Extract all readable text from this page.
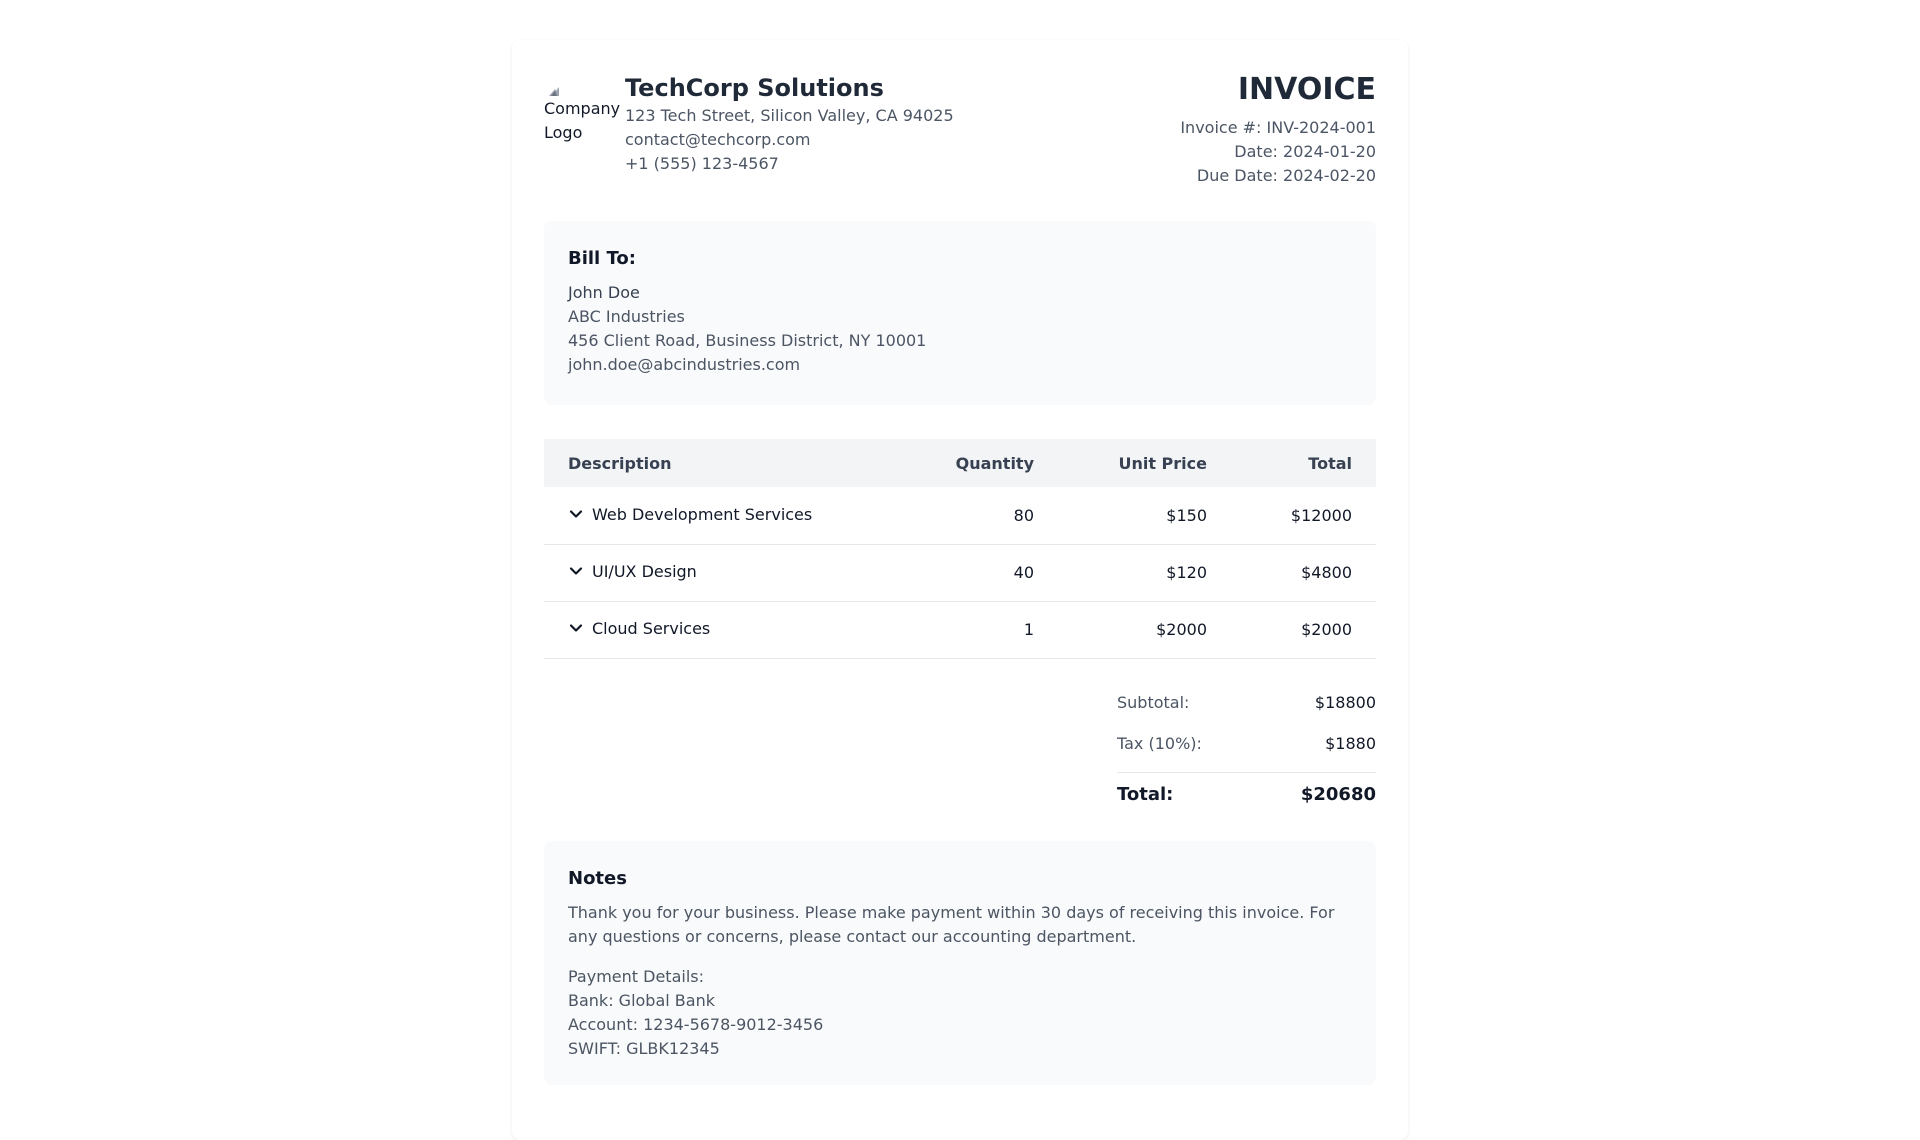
Company Logo
TechCorp Solutions
123 Tech Street, Silicon Valley, CA 94025
contact@techcorp.com
+1 (555) 123-4567
INVOICE
Invoice #: INV-2024-001
Date: 2024-01-20
Due Date: 2024-02-20
Bill To:
John Doe
ABC Industries
456 Client Road, Business District, NY 10001
john.doe@abcindustries.com
Description	Quantity	Unit Price	Total

Web Development Services	80	$150	$12000

UI/UX Design	40	$120	$4800

Cloud Services	1	$2000	$2000
Subtotal:	$18800
Tax (10%):	$1880
Total:	$20680
Notes
Thank you for your business. Please make payment within 30 days of receiving this invoice. For any questions or concerns, please contact our accounting department.
Payment Details:
Bank: Global Bank
Account: 1234-5678-9012-3456
SWIFT: GLBK12345
